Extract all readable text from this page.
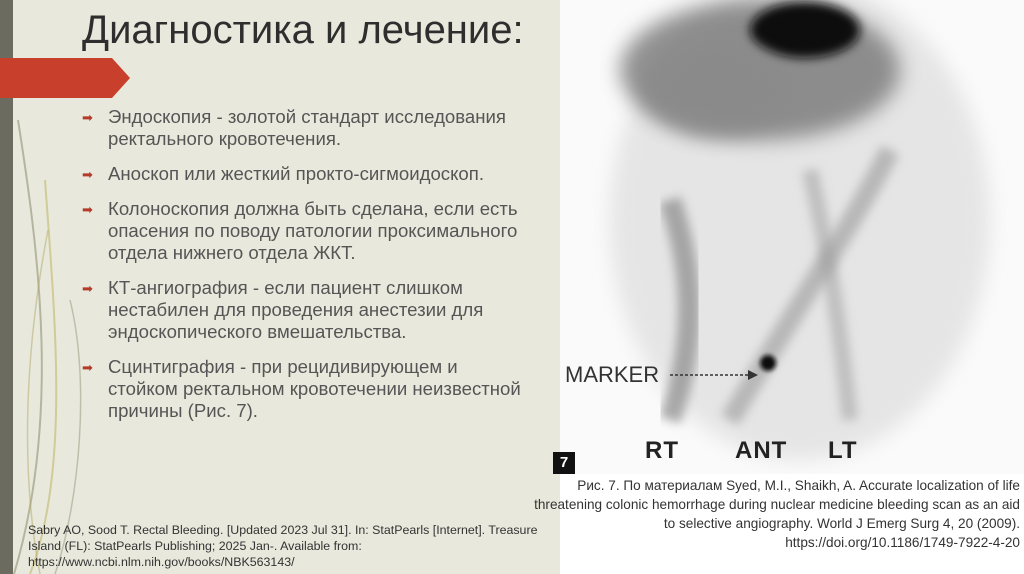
Диагностика и лечение:
➡ Эндоскопия - золотой стандарт исследования ректального кровотечения.
➡ Аноскоп или жесткий прокто-сигмоидоскоп.
➡ Колоноскопия должна быть сделана, если есть опасения по поводу патологии проксимального отдела нижнего отдела ЖКТ.
➡ КТ-ангиография - если пациент слишком нестабилен для проведения анестезии для эндоскопического вмешательства.
➡ Сцинтиграфия - при рецидивирующем и стойком ректальном кровотечении неизвестной причины (Рис. 7).
Sabry AO, Sood T. Rectal Bleeding. [Updated 2023 Jul 31]. In: StatPearls [Internet]. Treasure Island (FL): StatPearls Publishing; 2025 Jan-. Available from: https://www.ncbi.nlm.nih.gov/books/NBK563143/
MARKER
RT ANT LT
7
Рис. 7. По материалам Syed, M.I., Shaikh, A. Accurate localization of life threatening colonic hemorrhage during nuclear medicine bleeding scan as an aid to selective angiography. World J Emerg Surg 4, 20 (2009). https://doi.org/10.1186/1749-7922-4-20
